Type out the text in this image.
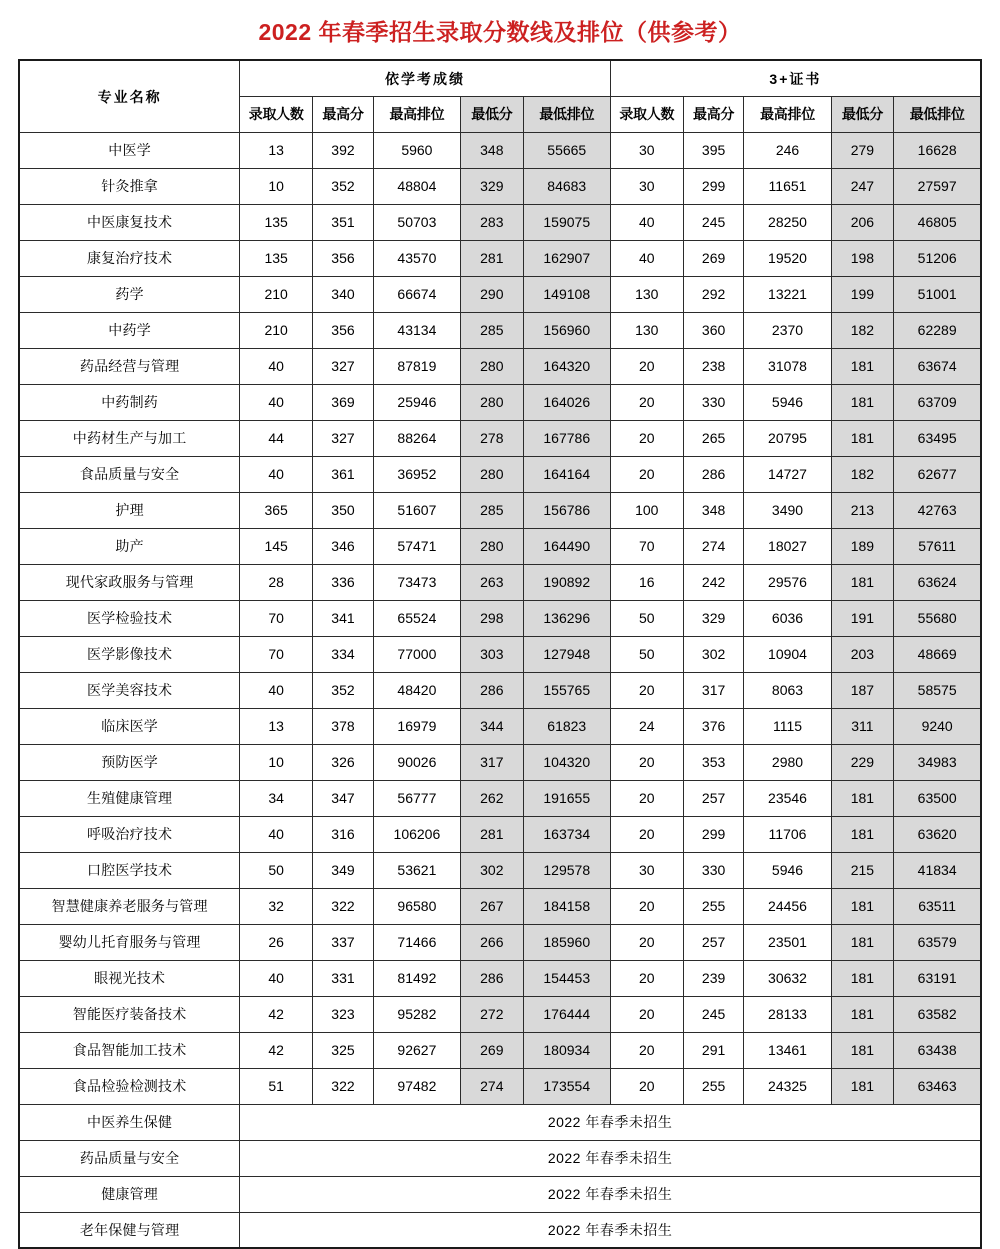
2022 年春季招生录取分数线及排位（供参考）
专业名称	依学考成绩					3+证书				
	录取人数	最高分	最高排位	最低分	最低排位	录取人数	最高分	最高排位	最低分	最低排位
中医学	13	392	5960	348	55665	30	395	246	279	16628
针灸推拿	10	352	48804	329	84683	30	299	11651	247	27597
中医康复技术	135	351	50703	283	159075	40	245	28250	206	46805
康复治疗技术	135	356	43570	281	162907	40	269	19520	198	51206
药学	210	340	66674	290	149108	130	292	13221	199	51001
中药学	210	356	43134	285	156960	130	360	2370	182	62289
药品经营与管理	40	327	87819	280	164320	20	238	31078	181	63674
中药制药	40	369	25946	280	164026	20	330	5946	181	63709
中药材生产与加工	44	327	88264	278	167786	20	265	20795	181	63495
食品质量与安全	40	361	36952	280	164164	20	286	14727	182	62677
护理	365	350	51607	285	156786	100	348	3490	213	42763
助产	145	346	57471	280	164490	70	274	18027	189	57611
现代家政服务与管理	28	336	73473	263	190892	16	242	29576	181	63624
医学检验技术	70	341	65524	298	136296	50	329	6036	191	55680
医学影像技术	70	334	77000	303	127948	50	302	10904	203	48669
医学美容技术	40	352	48420	286	155765	20	317	8063	187	58575
临床医学	13	378	16979	344	61823	24	376	1115	311	9240
预防医学	10	326	90026	317	104320	20	353	2980	229	34983
生殖健康管理	34	347	56777	262	191655	20	257	23546	181	63500
呼吸治疗技术	40	316	106206	281	163734	20	299	11706	181	63620
口腔医学技术	50	349	53621	302	129578	30	330	5946	215	41834
智慧健康养老服务与管理	32	322	96580	267	184158	20	255	24456	181	63511
婴幼儿托育服务与管理	26	337	71466	266	185960	20	257	23501	181	63579
眼视光技术	40	331	81492	286	154453	20	239	30632	181	63191
智能医疗装备技术	42	323	95282	272	176444	20	245	28133	181	63582
食品智能加工技术	42	325	92627	269	180934	20	291	13461	181	63438
食品检验检测技术	51	322	97482	274	173554	20	255	24325	181	63463
中医养生保健	2022 年春季未招生									
药品质量与安全	2022 年春季未招生									
健康管理	2022 年春季未招生									
老年保健与管理	2022 年春季未招生									
